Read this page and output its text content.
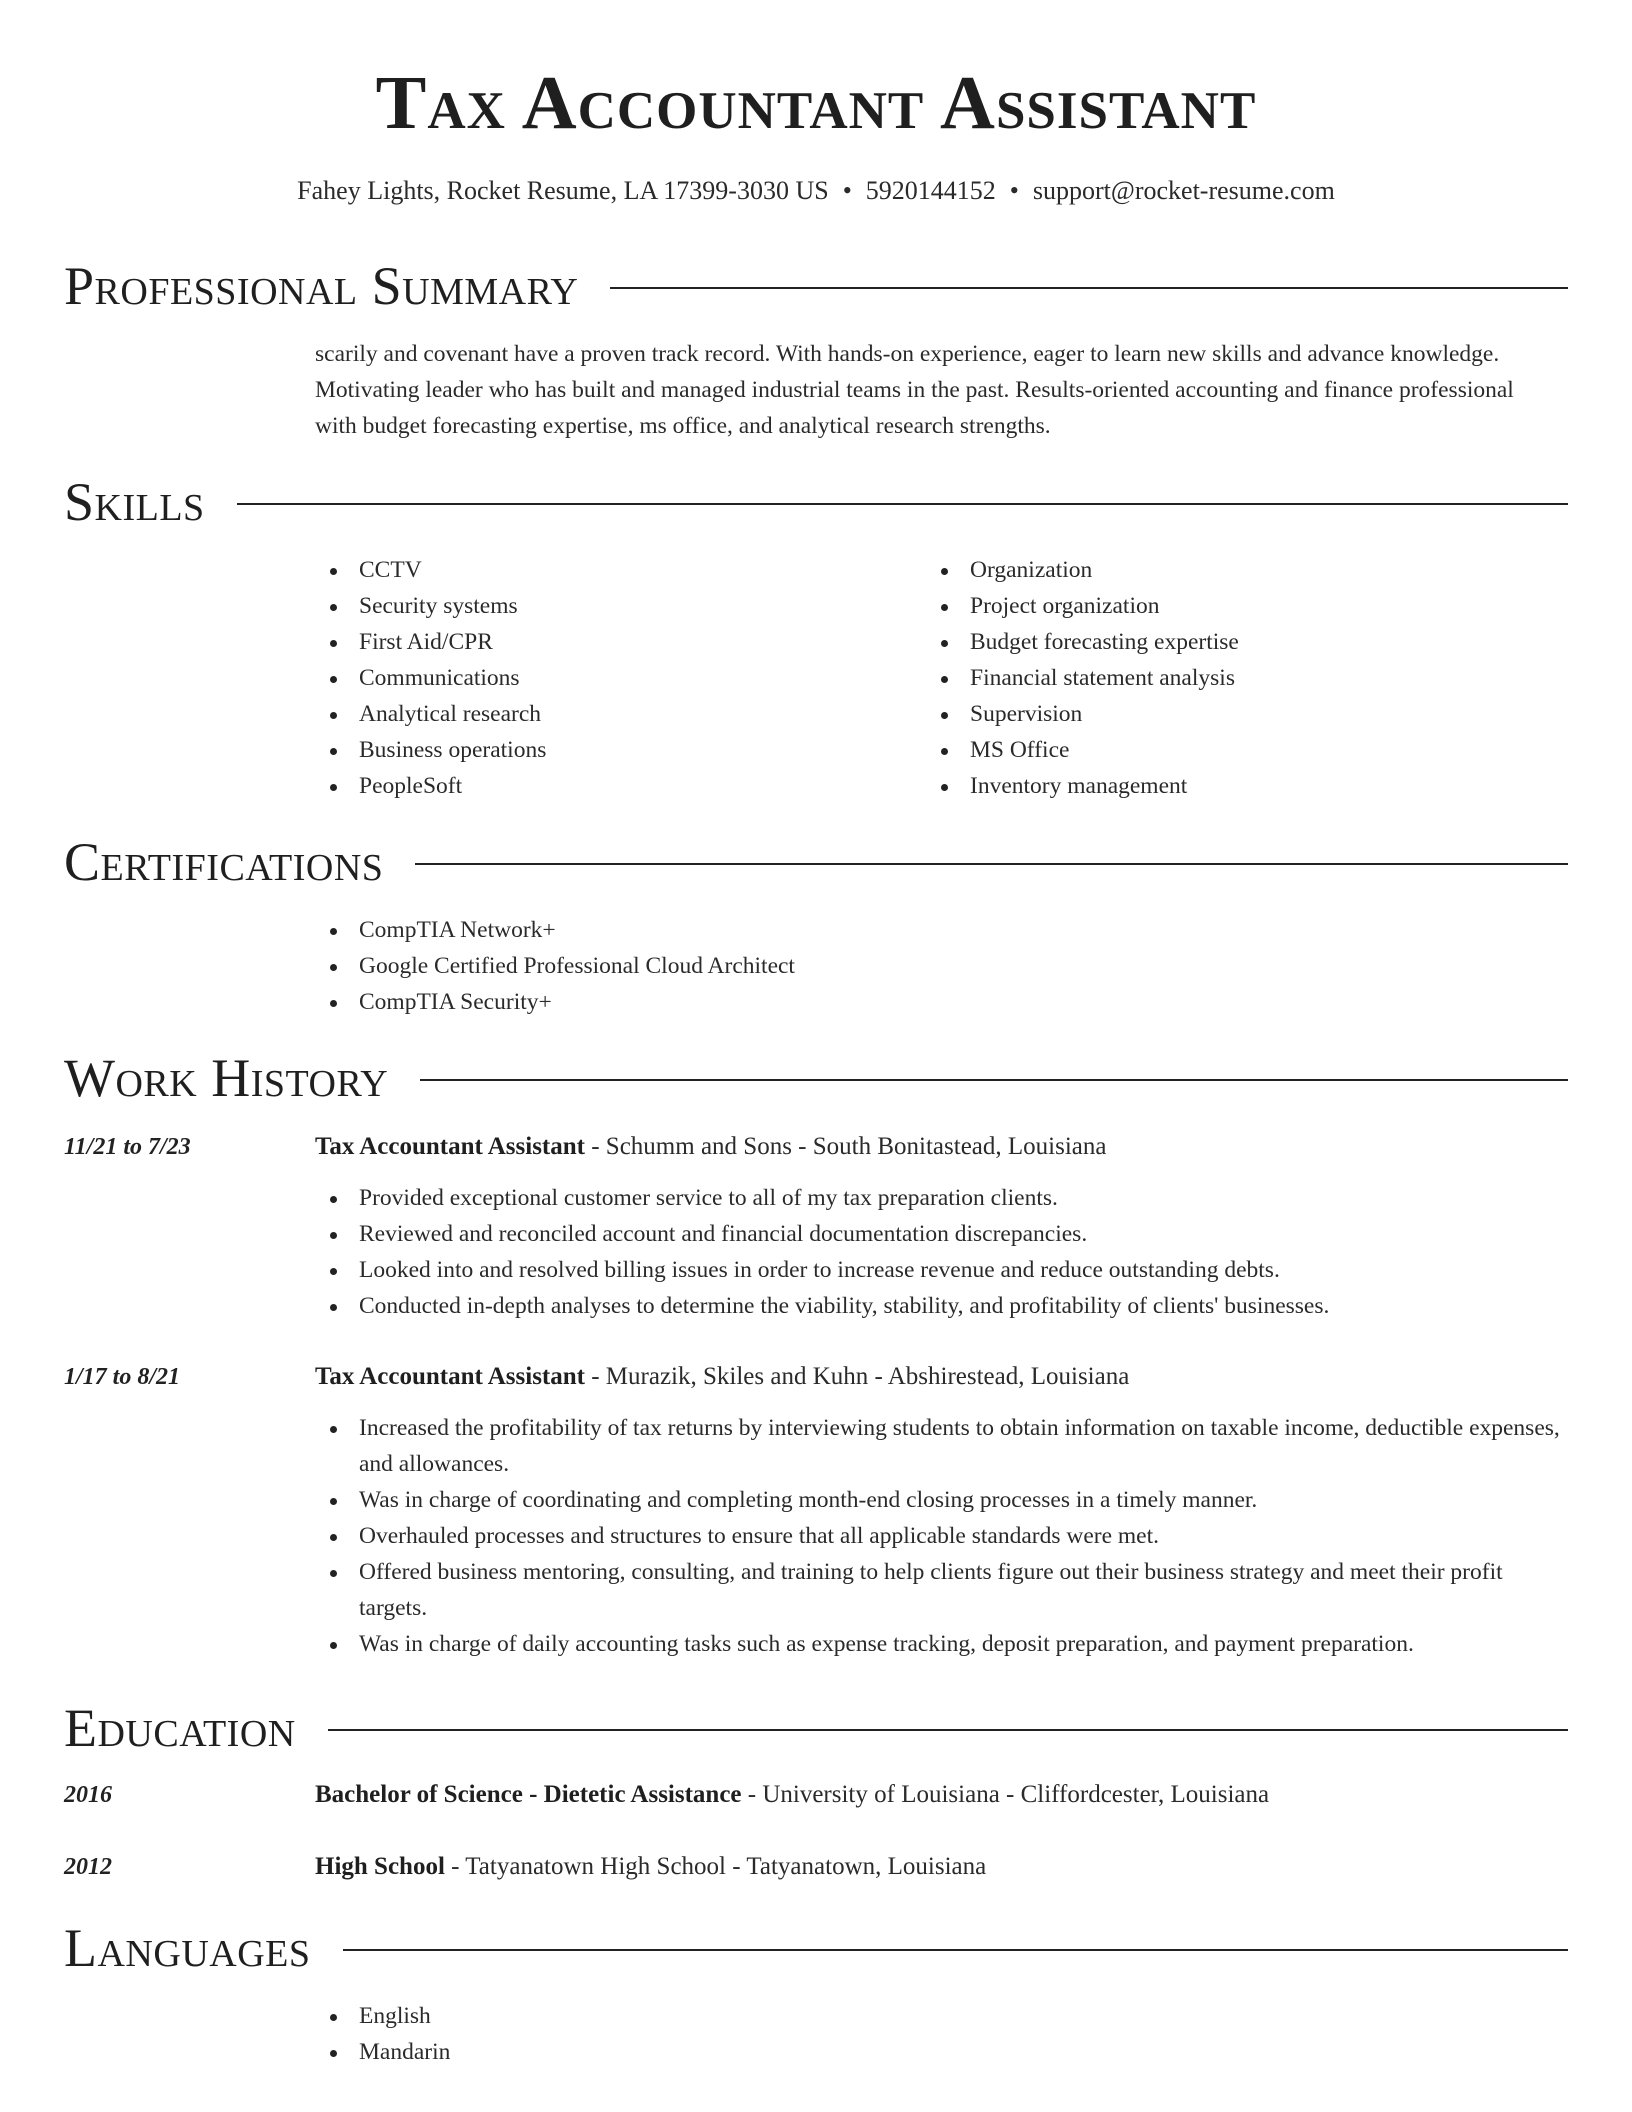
Tax Accountant Assistant
Fahey Lights, Rocket Resume, LA 17399-3030 US • 5920144152 • support@rocket-resume.com
Professional Summary

scarily and covenant have a proven track record. With hands-on experience, eager to learn new skills and advance knowledge. Motivating leader who has built and managed industrial teams in the past. Results-oriented accounting and finance professional with budget forecasting expertise, ms office, and analytical research strengths.

Skills
CCTV
Security systems
First Aid/CPR
Communications
Analytical research
Business operations
PeopleSoft
Organization
Project organization
Budget forecasting expertise
Financial statement analysis
Supervision
MS Office
Inventory management
Certifications
CompTIA Network+
Google Certified Professional Cloud Architect
CompTIA Security+
Work History
11/21 to 7/23	Tax Accountant Assistant - Schumm and Sons - South Bonitastead, Louisiana
Provided exceptional customer service to all of my tax preparation clients.
Reviewed and reconciled account and financial documentation discrepancies.
Looked into and resolved billing issues in order to increase revenue and reduce outstanding debts.
Conducted in-depth analyses to determine the viability, stability, and profitability of clients' businesses.
1/17 to 8/21	Tax Accountant Assistant - Murazik, Skiles and Kuhn - Abshirestead, Louisiana
Increased the profitability of tax returns by interviewing students to obtain information on taxable income, deductible expenses, and allowances.
Was in charge of coordinating and completing month-end closing processes in a timely manner.
Overhauled processes and structures to ensure that all applicable standards were met.
Offered business mentoring, consulting, and training to help clients figure out their business strategy and meet their profit targets.
Was in charge of daily accounting tasks such as expense tracking, deposit preparation, and payment preparation.
Education
2016	Bachelor of Science - Dietetic Assistance - University of Louisiana - Cliffordcester, Louisiana
2012	High School - Tatyanatown High School - Tatyanatown, Louisiana
Languages
English
Mandarin
